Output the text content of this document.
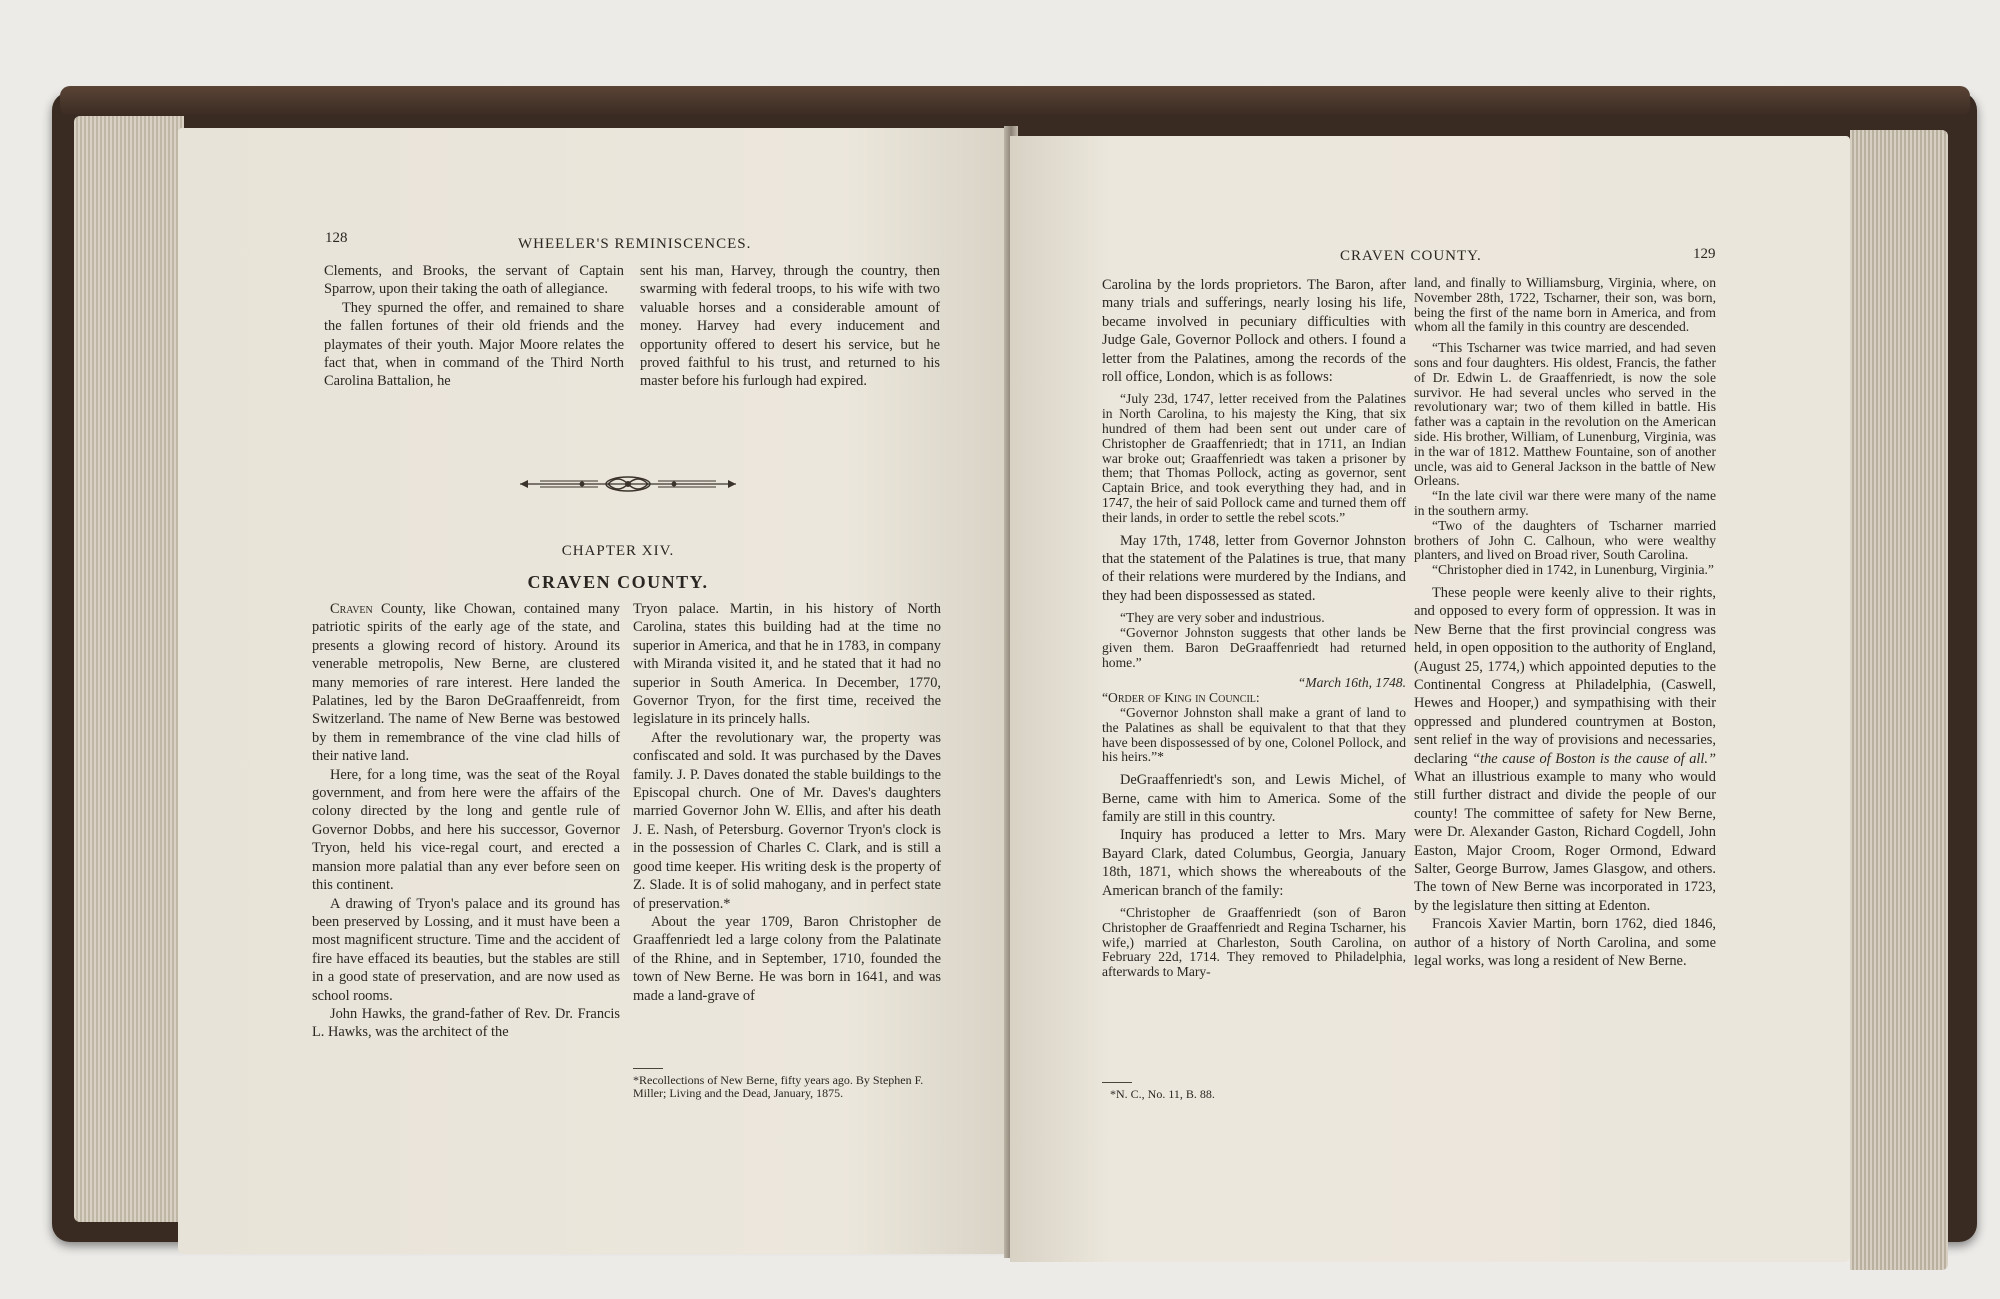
128	WHEELER'S REMINISCENCES.

Clements, and Brooks, the servant of Captain Sparrow, upon their taking the oath of allegiance.

They spurned the offer, and remained to share the fallen fortunes of their old friends and the playmates of their youth. Major Moore relates the fact that, when in command of the Third North Carolina Battalion, he

sent his man, Harvey, through the country, then swarming with federal troops, to his wife with two valuable horses and a considerable amount of money. Harvey had every inducement and opportunity offered to desert his service, but he proved faithful to his trust, and returned to his master before his furlough had expired.

CHAPTER XIV.
CRAVEN COUNTY.

Craven County, like Chowan, contained many patriotic spirits of the early age of the state, and presents a glowing record of history. Around its venerable metropolis, New Berne, are clustered many memories of rare interest. Here landed the Palatines, led by the Baron DeGraaffenreidt, from Switzerland. The name of New Berne was bestowed by them in remembrance of the vine clad hills of their native land.

Here, for a long time, was the seat of the Royal government, and from here were the affairs of the colony directed by the long and gentle rule of Governor Dobbs, and here his successor, Governor Tryon, held his vice-regal court, and erected a mansion more palatial than any ever before seen on this continent.

A drawing of Tryon's palace and its ground has been preserved by Lossing, and it must have been a most magnificent structure. Time and the accident of fire have effaced its beauties, but the stables are still in a good state of preservation, and are now used as school rooms.

John Hawks, the grand-father of Rev. Dr. Francis L. Hawks, was the architect of the

Tryon palace. Martin, in his history of North Carolina, states this building had at the time no superior in America, and that he in 1783, in company with Miranda visited it, and he stated that it had no superior in South America. In December, 1770, Governor Tryon, for the first time, received the legislature in its princely halls.

After the revolutionary war, the property was confiscated and sold. It was purchased by the Daves family. J. P. Daves donated the stable buildings to the Episcopal church. One of Mr. Daves's daughters married Governor John W. Ellis, and after his death J. E. Nash, of Petersburg. Governor Tryon's clock is in the possession of Charles C. Clark, and is still a good time keeper. His writing desk is the property of Z. Slade. It is of solid mahogany, and in perfect state of preservation.*

About the year 1709, Baron Christopher de Graaffenriedt led a large colony from the Palatinate of the Rhine, and in September, 1710, founded the town of New Berne. He was born in 1641, and was made a land-grave of

*Recollections of New Berne, fifty years ago. By Stephen F. Miller; Living and the Dead, January, 1875.
CRAVEN COUNTY.	129

Carolina by the lords proprietors. The Baron, after many trials and sufferings, nearly losing his life, became involved in pecuniary difficulties with Judge Gale, Governor Pollock and others. I found a letter from the Palatines, among the records of the roll office, London, which is as follows:

“July 23d, 1747, letter received from the Palatines in North Carolina, to his majesty the King, that six hundred of them had been sent out under care of Christopher de Graaffenriedt; that in 1711, an Indian war broke out; Graaffenriedt was taken a prisoner by them; that Thomas Pollock, acting as governor, sent Captain Brice, and took everything they had, and in 1747, the heir of said Pollock came and turned them off their lands, in order to settle the rebel scots.”

May 17th, 1748, letter from Governor Johnston that the statement of the Palatines is true, that many of their relations were murdered by the Indians, and they had been dispossessed as stated.

“They are very sober and industrious.

“Governor Johnston suggests that other lands be given them. Baron DeGraaffenriedt had returned home.”

“March 16th, 1748.

“Order of King in Council:

“Governor Johnston shall make a grant of land to the Palatines as shall be equivalent to that that they have been dispossessed of by one, Colonel Pollock, and his heirs.”*

DeGraaffenriedt's son, and Lewis Michel, of Berne, came with him to America. Some of the family are still in this country.

Inquiry has produced a letter to Mrs. Mary Bayard Clark, dated Columbus, Georgia, January 18th, 1871, which shows the whereabouts of the American branch of the family:

“Christopher de Graaffenriedt (son of Baron Christopher de Graaffenriedt and Regina Tscharner, his wife,) married at Charleston, South Carolina, on February 22d, 1714. They removed to Philadelphia, afterwards to Mary-

*N. C., No. 11, B. 88.

land, and finally to Williamsburg, Virginia, where, on November 28th, 1722, Tscharner, their son, was born, being the first of the name born in America, and from whom all the family in this country are descended.

“This Tscharner was twice married, and had seven sons and four daughters. His oldest, Francis, the father of Dr. Edwin L. de Graaffenriedt, is now the sole survivor. He had several uncles who served in the revolutionary war; two of them killed in battle. His father was a captain in the revolution on the American side. His brother, William, of Lunenburg, Virginia, was in the war of 1812. Matthew Fountaine, son of another uncle, was aid to General Jackson in the battle of New Orleans.

“In the late civil war there were many of the name in the southern army.

“Two of the daughters of Tscharner married brothers of John C. Calhoun, who were wealthy planters, and lived on Broad river, South Carolina.

“Christopher died in 1742, in Lunenburg, Virginia.”

These people were keenly alive to their rights, and opposed to every form of oppression. It was in New Berne that the first provincial congress was held, in open opposition to the authority of England, (August 25, 1774,) which appointed deputies to the Continental Congress at Philadelphia, (Caswell, Hewes and Hooper,) and sympathising with their oppressed and plundered countrymen at Boston, sent relief in the way of provisions and necessaries, declaring “the cause of Boston is the cause of all.” What an illustrious example to many who would still further distract and divide the people of our county! The committee of safety for New Berne, were Dr. Alexander Gaston, Richard Cogdell, John Easton, Major Croom, Roger Ormond, Edward Salter, George Burrow, James Glasgow, and others. The town of New Berne was incorporated in 1723, by the legislature then sitting at Edenton.

Francois Xavier Martin, born 1762, died 1846, author of a history of North Carolina, and some legal works, was long a resident of New Berne.
